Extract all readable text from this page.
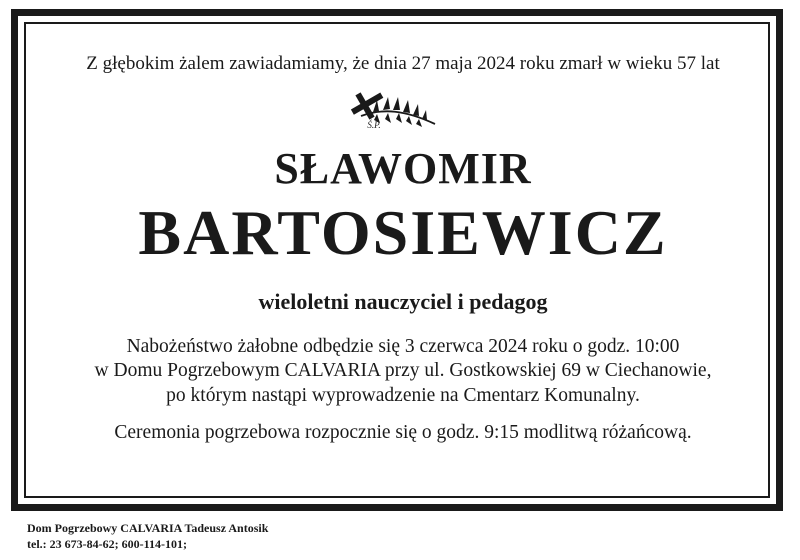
Z głębokim żalem zawiadamiamy, że dnia 27 maja 2024 roku zmarł w wieku 57 lat
Ś.P.
SŁAWOMIR
BARTOSIEWICZ
wieloletni nauczyciel i pedagog
Nabożeństwo żałobne odbędzie się 3 czerwca 2024 roku o godz. 10:00
w Domu Pogrzebowym CALVARIA przy ul. Gostkowskiej 69 w Ciechanowie,
po którym nastąpi wyprowadzenie na Cmentarz Komunalny.
Ceremonia pogrzebowa rozpocznie się o godz. 9:15 modlitwą różańcową.
Dom Pogrzebowy CALVARIA Tadeusz Antosik
tel.: 23 673-84-62; 600-114-101;
